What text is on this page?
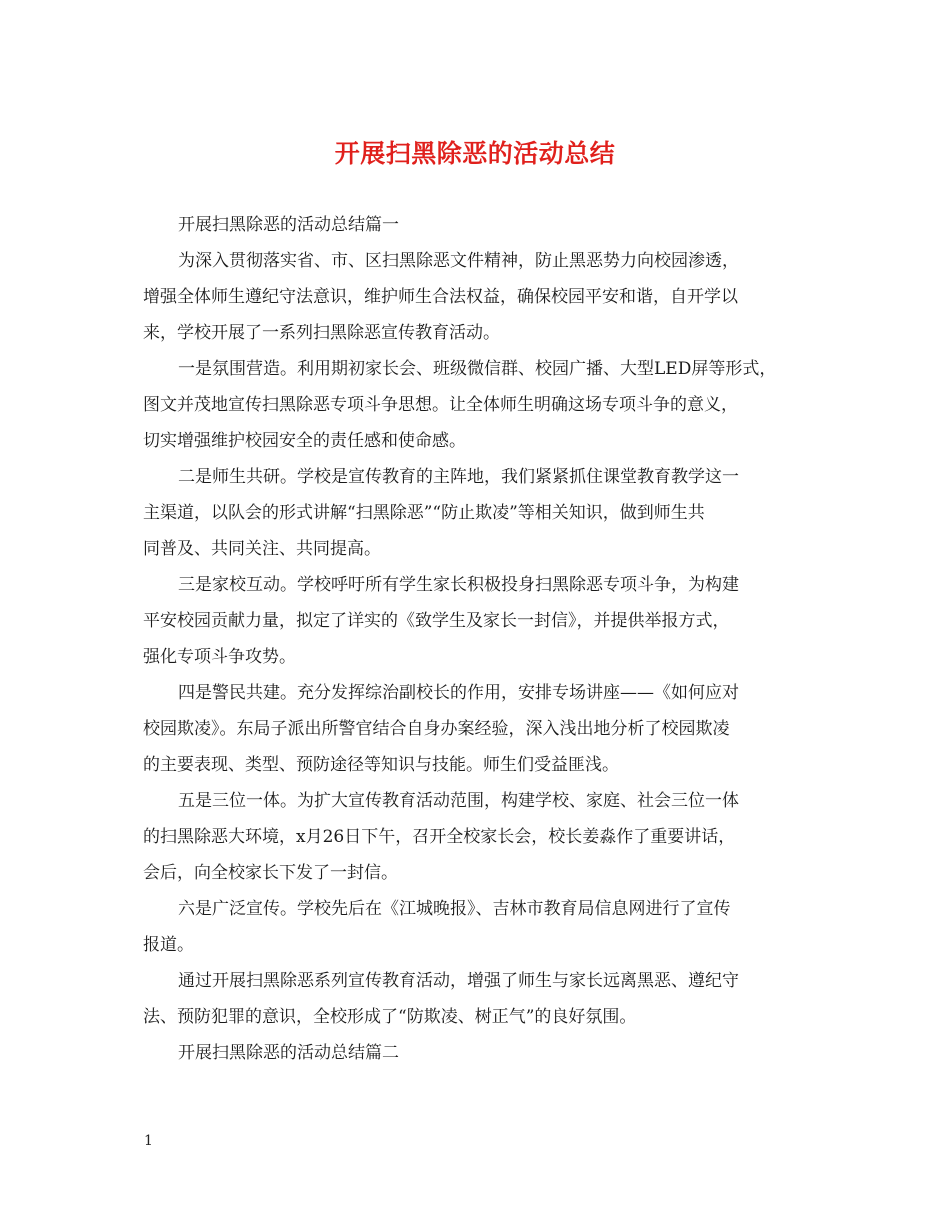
开展扫黑除恶的活动总结
开展扫黑除恶的活动总结篇一
为深入贯彻落实省、市、区扫黑除恶文件精神，防止黑恶势力向校园渗透，
增强全体师生遵纪守法意识，维护师生合法权益，确保校园平安和谐，自开学以
来，学校开展了一系列扫黑除恶宣传教育活动。
一是氛围营造。利用期初家长会、班级微信群、校园广播、大型LED屏等形式，
图文并茂地宣传扫黑除恶专项斗争思想。让全体师生明确这场专项斗争的意义，
切实增强维护校园安全的责任感和使命感。
二是师生共研。学校是宣传教育的主阵地，我们紧紧抓住课堂教育教学这一
主渠道，以队会的形式讲解“扫黑除恶”“防止欺凌”等相关知识，做到师生共
同普及、共同关注、共同提高。
三是家校互动。学校呼吁所有学生家长积极投身扫黑除恶专项斗争，为构建
平安校园贡献力量，拟定了详实的《致学生及家长一封信》，并提供举报方式，
强化专项斗争攻势。
四是警民共建。充分发挥综治副校长的作用，安排专场讲座——《如何应对
校园欺凌》。东局子派出所警官结合自身办案经验，深入浅出地分析了校园欺凌
的主要表现、类型、预防途径等知识与技能。师生们受益匪浅。
五是三位一体。为扩大宣传教育活动范围，构建学校、家庭、社会三位一体
的扫黑除恶大环境，x月26日下午，召开全校家长会，校长姜淼作了重要讲话，
会后，向全校家长下发了一封信。
六是广泛宣传。学校先后在《江城晚报》、吉林市教育局信息网进行了宣传
报道。
通过开展扫黑除恶系列宣传教育活动，增强了师生与家长远离黑恶、遵纪守
法、预防犯罪的意识，全校形成了“防欺凌、树正气”的良好氛围。
开展扫黑除恶的活动总结篇二
1
